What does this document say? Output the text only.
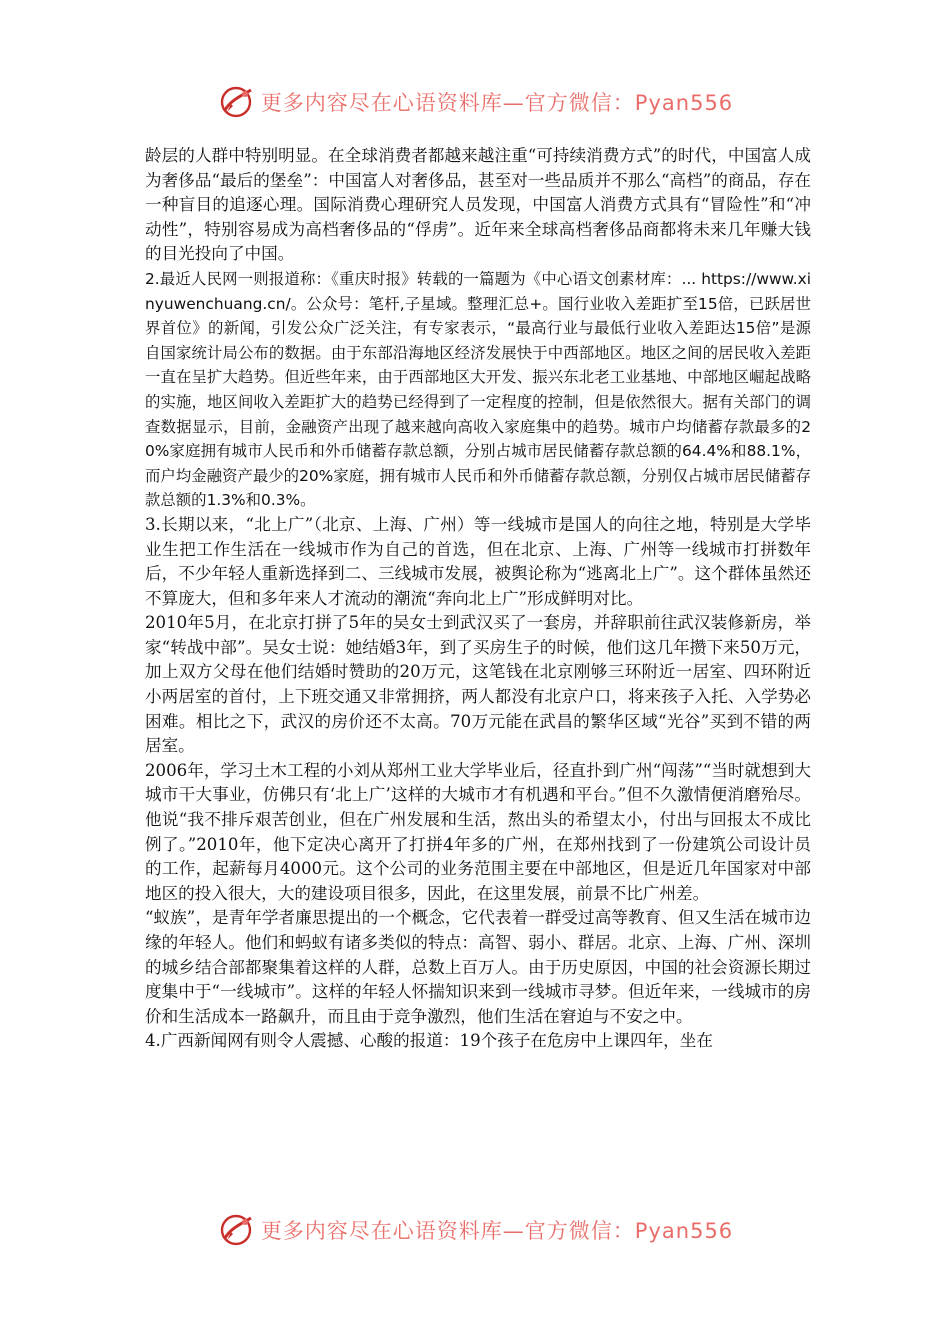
更多内容尽在心语资料库—官方微信：Pyan556

龄层的人群中特别明显。在全球消费者都越来越注重“可持续消费方式”的时代，中国富人成为奢侈品“最后的堡垒”：中国富人对奢侈品，甚至对一些品质并不那么“高档”的商品，存在一种盲目的追逐心理。国际消费心理研究人员发现，中国富人消费方式具有“冒险性”和“冲动性”，特别容易成为高档奢侈品的“俘虏”。近年来全球高档奢侈品商都将未来几年赚大钱的目光投向了中国。

2.最近人民网一则报道称：《重庆时报》转载的一篇题为《中心语文创素材库：... https://www.xinyuwenchuang.cn/。公众号：笔杆,子星域。整理汇总+。国行业收入差距扩至15倍，已跃居世界首位》的新闻，引发公众广泛关注，有专家表示，“最高行业与最低行业收入差距达15倍”是源自国家统计局公布的数据。由于东部沿海地区经济发展快于中西部地区。地区之间的居民收入差距一直在呈扩大趋势。但近些年来，由于西部地区大开发、振兴东北老工业基地、中部地区崛起战略的实施，地区间收入差距扩大的趋势已经得到了一定程度的控制，但是依然很大。据有关部门的调查数据显示，目前，金融资产出现了越来越向高收入家庭集中的趋势。城市户均储蓄存款最多的20%家庭拥有城市人民币和外币储蓄存款总额，分别占城市居民储蓄存款总额的64.4%和88.1%，而户均金融资产最少的20%家庭，拥有城市人民币和外币储蓄存款总额，分别仅占城市居民储蓄存款总额的1.3%和0.3%。

3.长期以来，“北上广”（北京、上海、广州）等一线城市是国人的向往之地，特别是大学毕业生把工作生活在一线城市作为自己的首选，但在北京、上海、广州等一线城市打拼数年后，不少年轻人重新选择到二、三线城市发展，被舆论称为“逃离北上广”。这个群体虽然还不算庞大，但和多年来人才流动的潮流“奔向北上广”形成鲜明对比。

2010年5月，在北京打拼了5年的吴女士到武汉买了一套房，并辞职前往武汉装修新房，举家“转战中部”。吴女士说：她结婚3年，到了买房生子的时候，他们这几年攒下来50万元，加上双方父母在他们结婚时赞助的20万元，这笔钱在北京刚够三环附近一居室、四环附近小两居室的首付，上下班交通又非常拥挤，两人都没有北京户口，将来孩子入托、入学势必困难。相比之下，武汉的房价还不太高。70万元能在武昌的繁华区域“光谷”买到不错的两居室。

2006年，学习土木工程的小刘从郑州工业大学毕业后，径直扑到广州“闯荡”“当时就想到大城市干大事业，仿佛只有‘北上广’这样的大城市才有机遇和平台。”但不久激情便消磨殆尽。他说“我不排斥艰苦创业，但在广州发展和生活，熬出头的希望太小，付出与回报太不成比例了。”2010年，他下定决心离开了打拼4年多的广州，在郑州找到了一份建筑公司设计员的工作，起薪每月4000元。这个公司的业务范围主要在中部地区，但是近几年国家对中部地区的投入很大，大的建设项目很多，因此，在这里发展，前景不比广州差。

“蚁族”，是青年学者廉思提出的一个概念，它代表着一群受过高等教育、但又生活在城市边缘的年轻人。他们和蚂蚁有诸多类似的特点：高智、弱小、群居。北京、上海、广州、深圳的城乡结合部都聚集着这样的人群，总数上百万人。由于历史原因，中国的社会资源长期过度集中于“一线城市”。这样的年轻人怀揣知识来到一线城市寻梦。但近年来，一线城市的房价和生活成本一路飙升，而且由于竞争激烈，他们生活在窘迫与不安之中。

4.广西新闻网有则令人震撼、心酸的报道：19个孩子在危房中上课四年，坐在

更多内容尽在心语资料库—官方微信：Pyan556
